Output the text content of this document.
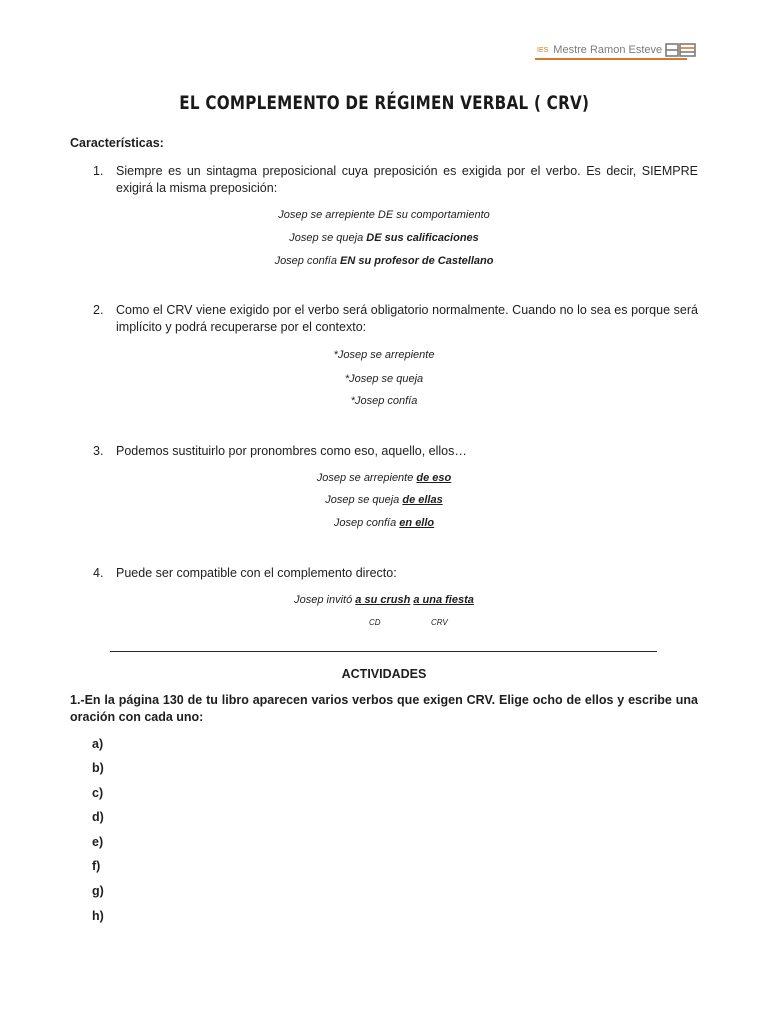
IES Mestre Ramon Esteve
EL COMPLEMENTO DE RÉGIMEN VERBAL ( CRV)
Características:
1. Siempre es un sintagma preposicional cuya preposición es exigida por el verbo. Es decir, SIEMPRE exigirá la misma preposición:
Josep se arrepiente DE su comportamiento
Josep se queja DE sus calificaciones
Josep confía EN su profesor de Castellano
2. Como el CRV viene exigido por el verbo será obligatorio normalmente. Cuando no lo sea es porque será implícito y podrá recuperarse por el contexto:
*Josep se arrepiente
*Josep se queja
*Josep confía
3. Podemos sustituirlo por pronombres como eso, aquello, ellos…
Josep se arrepiente de eso
Josep se queja de ellas
Josep confía en ello
4. Puede ser compatible con el complemento directo:
Josep invitó a su crush a una fiesta
CD	CRV
ACTIVIDADES
1.-En la página 130 de tu libro aparecen varios verbos que exigen CRV. Elige ocho de ellos y escribe una oración con cada uno:
a)
b)
c)
d)
e)
f)
g)
h)
